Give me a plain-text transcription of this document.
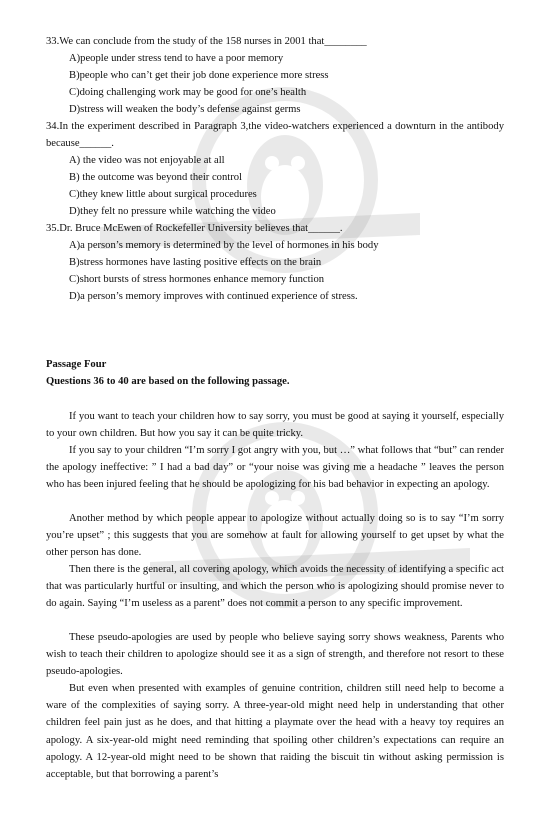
33.We can conclude from the study of the 158 nurses in 2001 that________
A)people under stress tend to have a poor memory
B)people who can’t get their job done experience more stress
C)doing challenging work may be good for one’s health
D)stress will weaken the body’s defense against germs
34.In the experiment described in Paragraph 3,the video-watchers experienced a downturn in the antibody because______.
A) the video was not enjoyable at all
B) the outcome was beyond their control
C)they knew little about surgical procedures
D)they felt no pressure while watching the video
35.Dr. Bruce McEwen of Rockefeller University believes that______.
A)a person’s memory is determined by the level of hormones in his body
B)stress hormones have lasting positive effects on the brain
C)short bursts of stress hormones enhance memory function
D)a person’s memory improves with continued experience of stress.
Passage Four
Questions 36 to 40 are based on the following passage.
If you want to teach your children how to say sorry, you must be good at saying it yourself, especially to your own children. But how you say it can be quite tricky.
If you say to your children “I’m sorry I got angry with you, but …” what follows that “but” can render the apology ineffective: ” I had a bad day” or “your noise was giving me a headache ” leaves the person who has been injured feeling that he should be apologizing for his bad behavior in expecting an apology.
Another method by which people appear to apologize without actually doing so is to say “I’m sorry you’re upset” ; this suggests that you are somehow at fault for allowing yourself to get upset by what the other person has done.
Then there is the general, all covering apology, which avoids the necessity of identifying a specific act that was particularly hurtful or insulting, and which the person who is apologizing should promise never to do again. Saying “I’m useless as a parent” does not commit a person to any specific improvement.
These pseudo-apologies are used by people who believe saying sorry shows weakness, Parents who wish to teach their children to apologize should see it as a sign of strength, and therefore not resort to these pseudo-apologies.
But even when presented with examples of genuine contrition, children still need help to become a ware of the complexities of saying sorry. A three-year-old might need help in understanding that other children feel pain just as he does, and that hitting a playmate over the head with a heavy toy requires an apology. A six-year-old might need reminding that spoiling other children’s expectations can require an apology. A 12-year-old might need to be shown that raiding the biscuit tin without asking permission is acceptable, but that borrowing a parent’s
